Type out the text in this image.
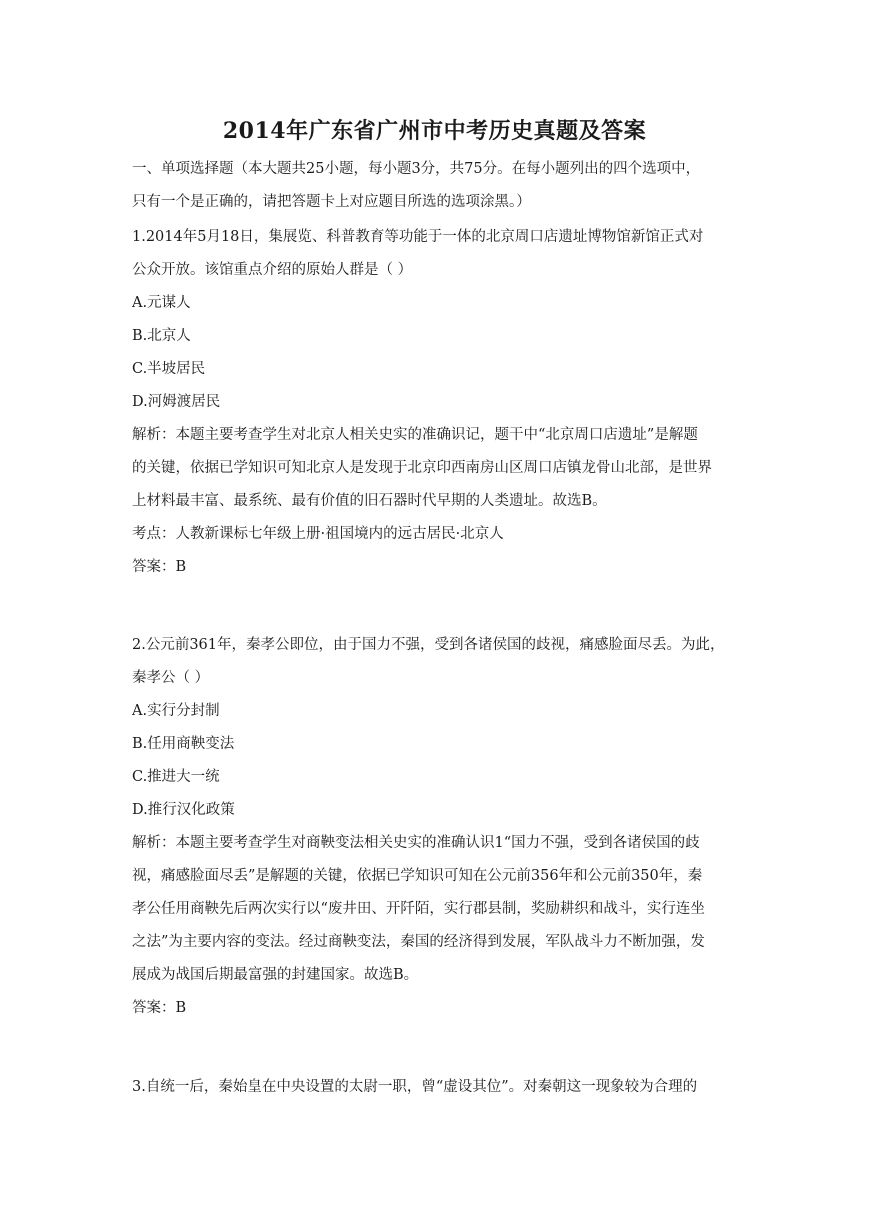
2014年广东省广州市中考历史真题及答案
一、单项选择题（本大题共25小题，每小题3分，共75分。在每小题列出的四个选项中，
只有一个是正确的，请把答题卡上对应题目所选的选项涂黑。）
1.2014年5月18日，集展览、科普教育等功能于一体的北京周口店遗址博物馆新馆正式对
公众开放。该馆重点介绍的原始人群是（ ）
A.元谋人
B.北京人
C.半坡居民
D.河姆渡居民
解析：本题主要考查学生对北京人相关史实的准确识记，题干中“北京周口店遗址”是解题
的关键，依据已学知识可知北京人是发现于北京印西南房山区周口店镇龙骨山北部，是世界
上材料最丰富、最系统、最有价值的旧石器时代早期的人类遗址。故选B。
考点：人教新课标七年级上册·祖国境内的远古居民·北京人
答案：B
2.公元前361年，秦孝公即位，由于国力不强，受到各诸侯国的歧视，痛感脸面尽丢。为此，
秦孝公（ ）
A.实行分封制
B.任用商鞅变法
C.推进大一统
D.推行汉化政策
解析：本题主要考查学生对商鞅变法相关史实的准确认识1“国力不强，受到各诸侯国的歧
视，痛感脸面尽丢”是解题的关键，依据已学知识可知在公元前356年和公元前350年，秦
孝公任用商鞅先后两次实行以“废井田、开阡陌，实行郡县制，奖励耕织和战斗，实行连坐
之法”为主要内容的变法。经过商鞅变法，秦国的经济得到发展，军队战斗力不断加强，发
展成为战国后期最富强的封建国家。故选B。
答案：B
3.自统一后，秦始皇在中央设置的太尉一职，曾“虚设其位”。对秦朝这一现象较为合理的
